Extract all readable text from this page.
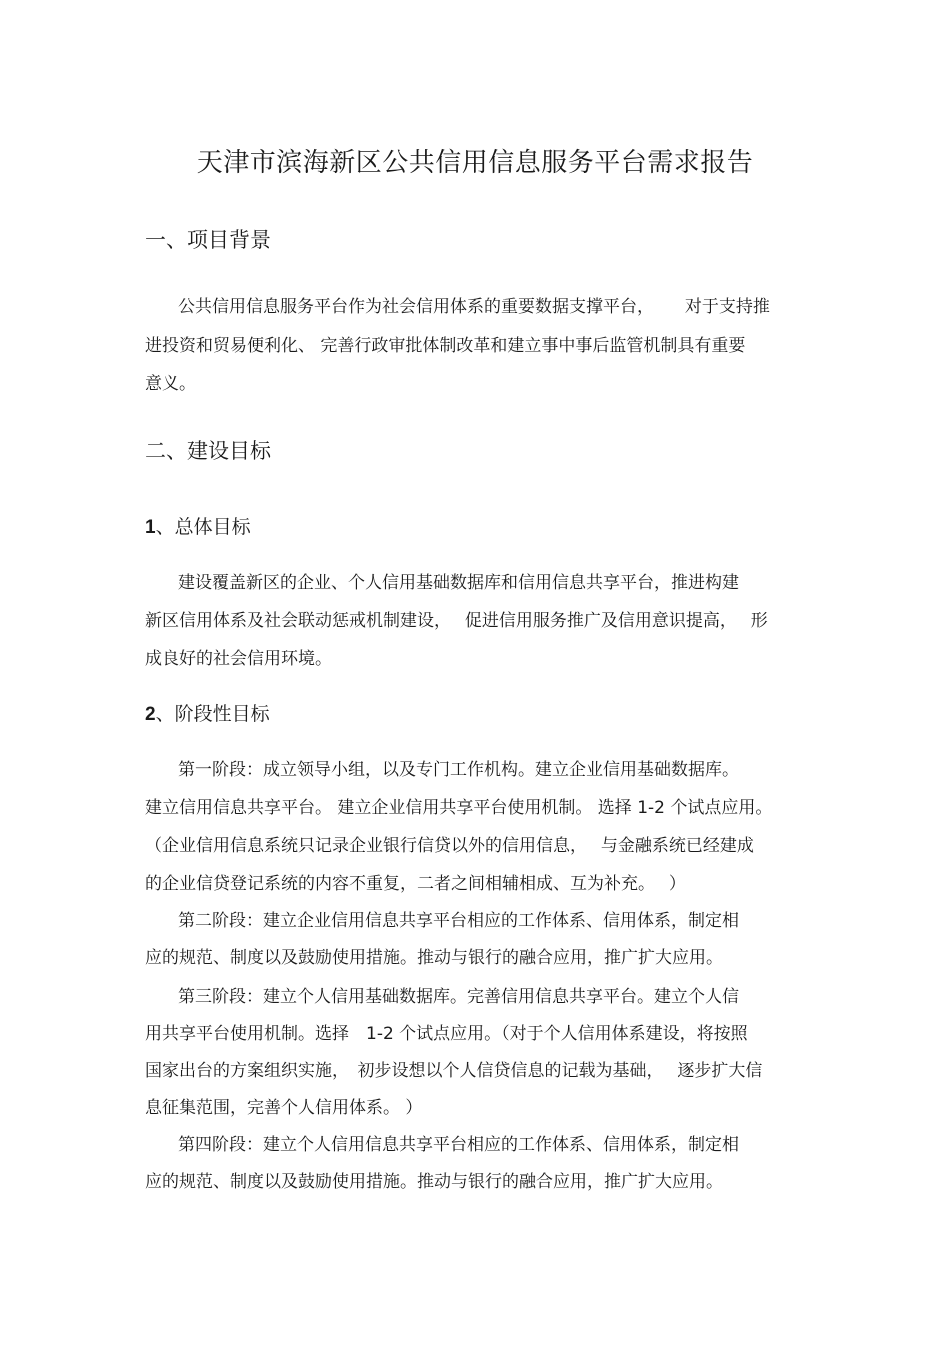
天津市滨海新区公共信用信息服务平台需求报告
一、项目背景
公共信用信息服务平台作为社会信用体系的重要数据支撑平台，　　 对于支持推
进投资和贸易便利化、 完善行政审批体制改革和建立事中事后监管机制具有重要
意义。
二、建设目标
1、总体目标
建设覆盖新区的企业、个人信用基础数据库和信用信息共享平台，推进构建
新区信用体系及社会联动惩戒机制建设，　 促进信用服务推广及信用意识提高，　 形
成良好的社会信用环境。
2、阶段性目标
第一阶段：成立领导小组，以及专门工作机构。建立企业信用基础数据库。
建立信用信息共享平台。 建立企业信用共享平台使用机制。 选择 1-2 个试点应用。
（企业信用信息系统只记录企业银行信贷以外的信用信息，　 与金融系统已经建成
的企业信贷登记系统的内容不重复，二者之间相辅相成、互为补充。　 ）
第二阶段：建立企业信用信息共享平台相应的工作体系、信用体系，制定相
应的规范、制度以及鼓励使用措施。推动与银行的融合应用，推广扩大应用。
第三阶段：建立个人信用基础数据库。完善信用信息共享平台。建立个人信
用共享平台使用机制。选择　1-2 个试点应用。（对于个人信用体系建设，将按照
国家出台的方案组织实施，　初步设想以个人信贷信息的记载为基础，　 逐步扩大信
息征集范围，完善个人信用体系。 ）
第四阶段：建立个人信用信息共享平台相应的工作体系、信用体系，制定相
应的规范、制度以及鼓励使用措施。推动与银行的融合应用，推广扩大应用。
